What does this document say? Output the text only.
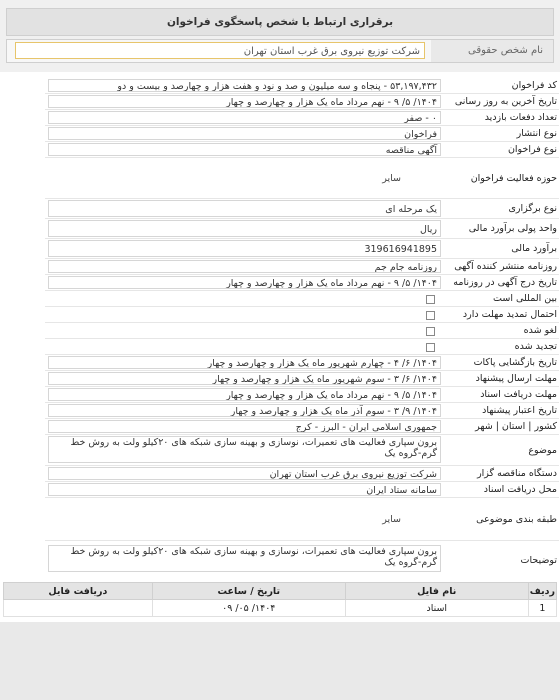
برقراری ارتباط با شخص پاسخگوی فراخوان
نام شخص حقوقی
شرکت توزیع نیروی برق غرب استان تهران
کد فراخوان
۵۳,۱۹۷,۴۳۲ - پنجاه و سه میلیون و صد و نود و هفت هزار و چهارصد و بیست و دو
تاریخ آخرین به روز رسانی
۱۴۰۴/ ۵/ ۹ - نهم مرداد ماه یک هزار و چهارصد و چهار
تعداد دفعات بازدید
۰ - صفر
نوع انتشار
فراخوان
نوع فراخوان
آگهی مناقصه
حوزه فعالیت فراخوان
سایر
نوع برگزاری
یک مرحله ای
واحد پولی برآورد مالی
ریال
برآورد مالی
319616941895
روزنامه منتشر کننده آگهی
روزنامه جام جم
تاریخ درج آگهی در روزنامه
۱۴۰۴/ ۵/ ۹ - نهم مرداد ماه یک هزار و چهارصد و چهار
بین المللی است
احتمال تمدید مهلت دارد
لغو شده
تجدید شده
تاریخ بازگشایی پاکات
۱۴۰۴/ ۶/ ۴ - چهارم شهریور ماه یک هزار و چهارصد و چهار
مهلت ارسال پیشنهاد
۱۴۰۴/ ۶/ ۳ - سوم شهریور ماه یک هزار و چهارصد و چهار
مهلت دریافت اسناد
۱۴۰۴/ ۵/ ۹ - نهم مرداد ماه یک هزار و چهارصد و چهار
تاریخ اعتبار پیشنهاد
۱۴۰۴/ ۹/ ۳ - سوم آذر ماه یک هزار و چهارصد و چهار
کشور | استان | شهر
جمهوری اسلامی ایران - البرز - کرج
موضوع
برون سپاری فعالیت های تعمیرات، نوسازی و بهینه سازی شبکه های ۲۰کیلو ولت به روش خط گرم-گروه یک
دستگاه مناقصه گزار
شرکت توزیع نیروی برق غرب استان تهران
محل دریافت اسناد
سامانه ستاد ایران
طبقه بندی موضوعی
سایر
توضیحات
برون سپاری فعالیت های تعمیرات، نوسازی و بهینه سازی شبکه های ۲۰کیلو ولت به روش خط گرم-گروه یک
ردیف	نام فایل	تاریخ / ساعت	دریافت فایل
1	اسناد	۱۴۰۴/ ۰۵/ ۰۹	
